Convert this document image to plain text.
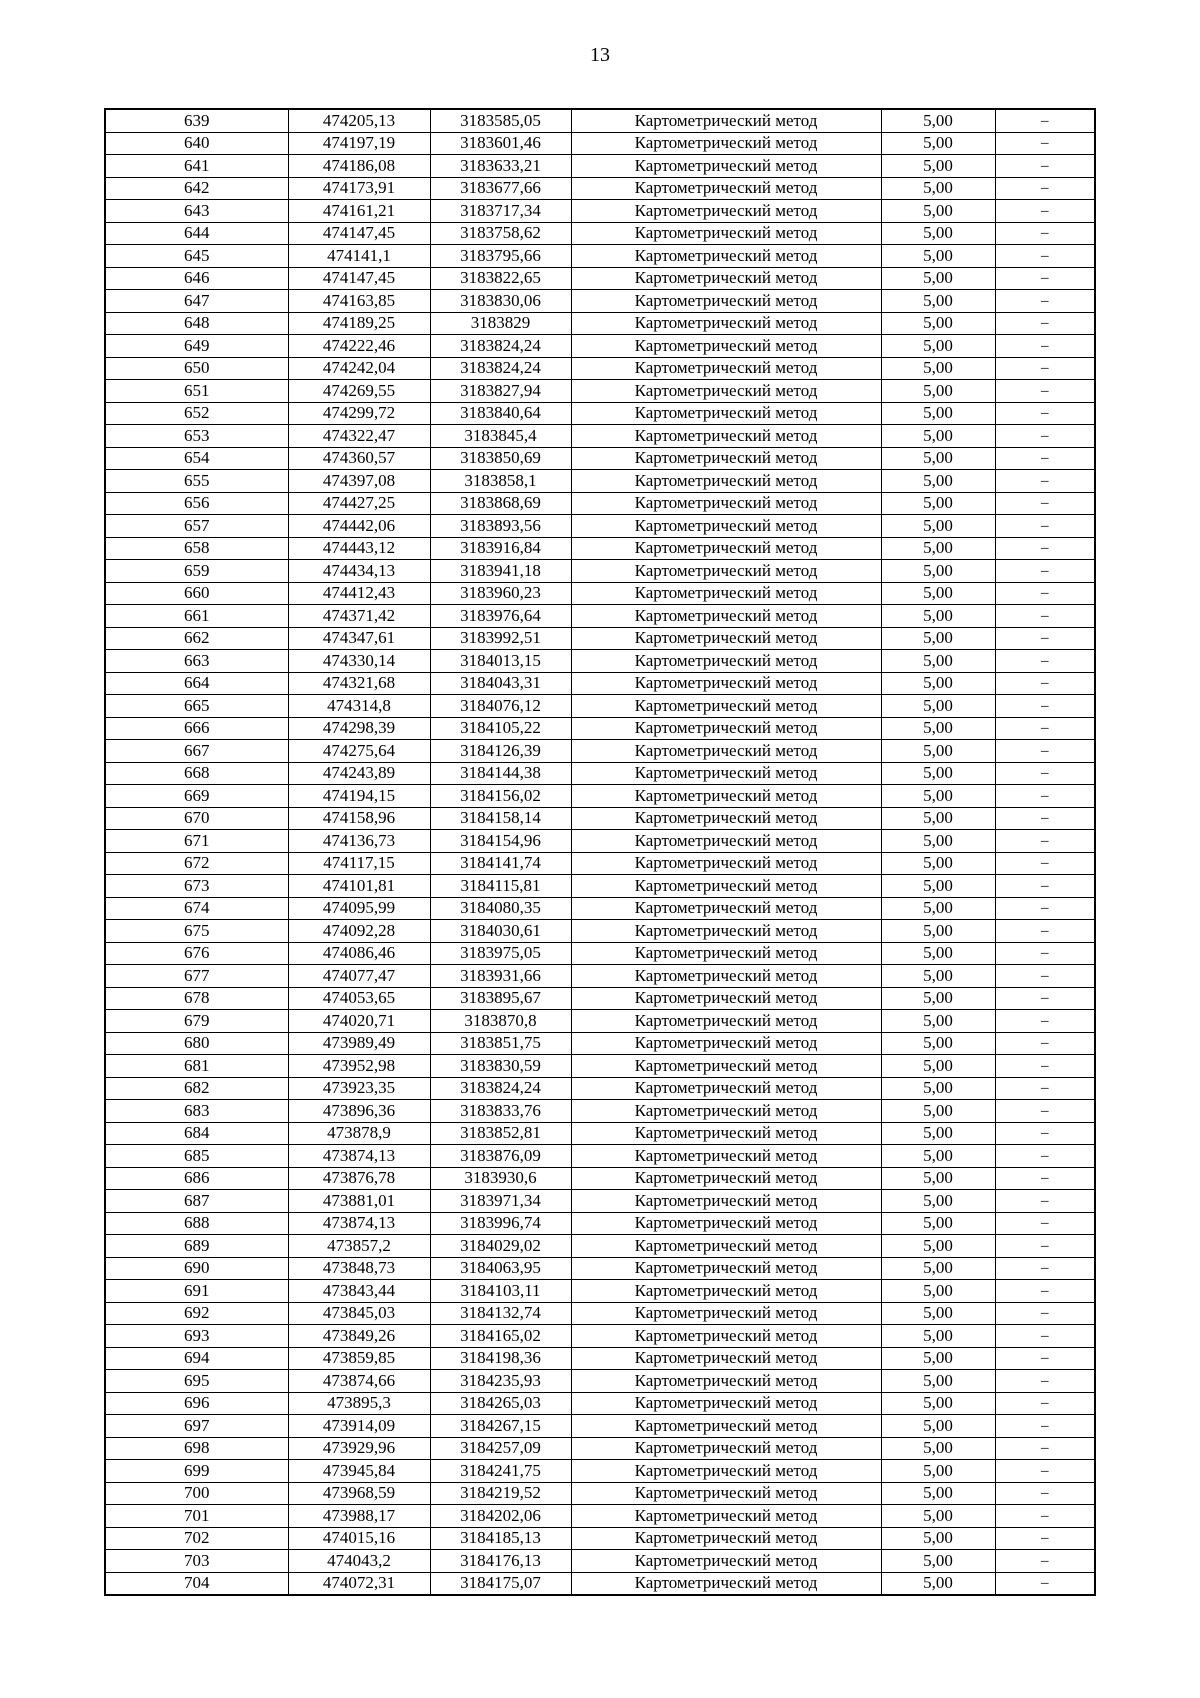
13
639	474205,13	3183585,05	Картометрический метод	5,00	–
640	474197,19	3183601,46	Картометрический метод	5,00	–
641	474186,08	3183633,21	Картометрический метод	5,00	–
642	474173,91	3183677,66	Картометрический метод	5,00	–
643	474161,21	3183717,34	Картометрический метод	5,00	–
644	474147,45	3183758,62	Картометрический метод	5,00	–
645	474141,1	3183795,66	Картометрический метод	5,00	–
646	474147,45	3183822,65	Картометрический метод	5,00	–
647	474163,85	3183830,06	Картометрический метод	5,00	–
648	474189,25	3183829	Картометрический метод	5,00	–
649	474222,46	3183824,24	Картометрический метод	5,00	–
650	474242,04	3183824,24	Картометрический метод	5,00	–
651	474269,55	3183827,94	Картометрический метод	5,00	–
652	474299,72	3183840,64	Картометрический метод	5,00	–
653	474322,47	3183845,4	Картометрический метод	5,00	–
654	474360,57	3183850,69	Картометрический метод	5,00	–
655	474397,08	3183858,1	Картометрический метод	5,00	–
656	474427,25	3183868,69	Картометрический метод	5,00	–
657	474442,06	3183893,56	Картометрический метод	5,00	–
658	474443,12	3183916,84	Картометрический метод	5,00	–
659	474434,13	3183941,18	Картометрический метод	5,00	–
660	474412,43	3183960,23	Картометрический метод	5,00	–
661	474371,42	3183976,64	Картометрический метод	5,00	–
662	474347,61	3183992,51	Картометрический метод	5,00	–
663	474330,14	3184013,15	Картометрический метод	5,00	–
664	474321,68	3184043,31	Картометрический метод	5,00	–
665	474314,8	3184076,12	Картометрический метод	5,00	–
666	474298,39	3184105,22	Картометрический метод	5,00	–
667	474275,64	3184126,39	Картометрический метод	5,00	–
668	474243,89	3184144,38	Картометрический метод	5,00	–
669	474194,15	3184156,02	Картометрический метод	5,00	–
670	474158,96	3184158,14	Картометрический метод	5,00	–
671	474136,73	3184154,96	Картометрический метод	5,00	–
672	474117,15	3184141,74	Картометрический метод	5,00	–
673	474101,81	3184115,81	Картометрический метод	5,00	–
674	474095,99	3184080,35	Картометрический метод	5,00	–
675	474092,28	3184030,61	Картометрический метод	5,00	–
676	474086,46	3183975,05	Картометрический метод	5,00	–
677	474077,47	3183931,66	Картометрический метод	5,00	–
678	474053,65	3183895,67	Картометрический метод	5,00	–
679	474020,71	3183870,8	Картометрический метод	5,00	–
680	473989,49	3183851,75	Картометрический метод	5,00	–
681	473952,98	3183830,59	Картометрический метод	5,00	–
682	473923,35	3183824,24	Картометрический метод	5,00	–
683	473896,36	3183833,76	Картометрический метод	5,00	–
684	473878,9	3183852,81	Картометрический метод	5,00	–
685	473874,13	3183876,09	Картометрический метод	5,00	–
686	473876,78	3183930,6	Картометрический метод	5,00	–
687	473881,01	3183971,34	Картометрический метод	5,00	–
688	473874,13	3183996,74	Картометрический метод	5,00	–
689	473857,2	3184029,02	Картометрический метод	5,00	–
690	473848,73	3184063,95	Картометрический метод	5,00	–
691	473843,44	3184103,11	Картометрический метод	5,00	–
692	473845,03	3184132,74	Картометрический метод	5,00	–
693	473849,26	3184165,02	Картометрический метод	5,00	–
694	473859,85	3184198,36	Картометрический метод	5,00	–
695	473874,66	3184235,93	Картометрический метод	5,00	–
696	473895,3	3184265,03	Картометрический метод	5,00	–
697	473914,09	3184267,15	Картометрический метод	5,00	–
698	473929,96	3184257,09	Картометрический метод	5,00	–
699	473945,84	3184241,75	Картометрический метод	5,00	–
700	473968,59	3184219,52	Картометрический метод	5,00	–
701	473988,17	3184202,06	Картометрический метод	5,00	–
702	474015,16	3184185,13	Картометрический метод	5,00	–
703	474043,2	3184176,13	Картометрический метод	5,00	–
704	474072,31	3184175,07	Картометрический метод	5,00	–
